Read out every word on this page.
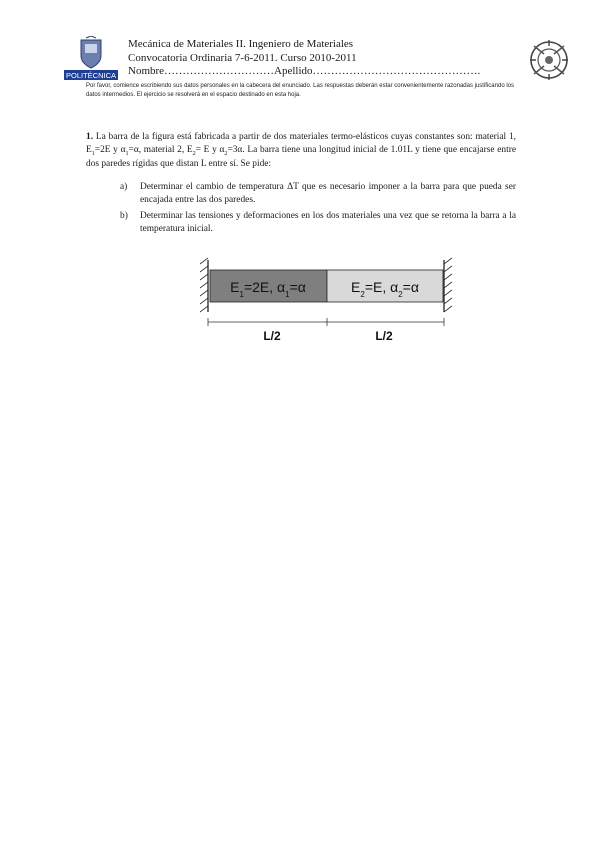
POLITÉCNICA
Mecánica de Materiales II. Ingeniero de Materiales
Convocatoria Ordinaria 7-6-2011. Curso 2010-2011
Nombre…………………………Apellido……………………………………….
Por favor, comience escribiendo sus datos personales en la cabecera del enunciado. Las respuestas deberán estar convenientemente razonadas justificando los datos intermedios. El ejercicio se resolverá en el espacio destinado en esta hoja.
1. La barra de la figura está fabricada a partir de dos materiales termo-elásticos cuyas constantes son: material 1, $E_1=2E$ y $\alpha_1=\alpha$, material 2, $E_2= E$ y $\alpha_2=3\alpha$. La barra tiene una longitud inicial de 1.01L y tiene que encajarse entre dos paredes rígidas que distan L entre sí. Se pide:
a) Determinar el cambio de temperatura ΔT que es necesario imponer a la barra para que pueda ser encajada entre las dos paredes.
b) Determinar las tensiones y deformaciones en los dos materiales una vez que se retorna la barra a la temperatura inicial.
$E_1=2E$, $\alpha_1=\alpha$	$E_2=E$, $\alpha_2=\alpha$
L/2	L/2
